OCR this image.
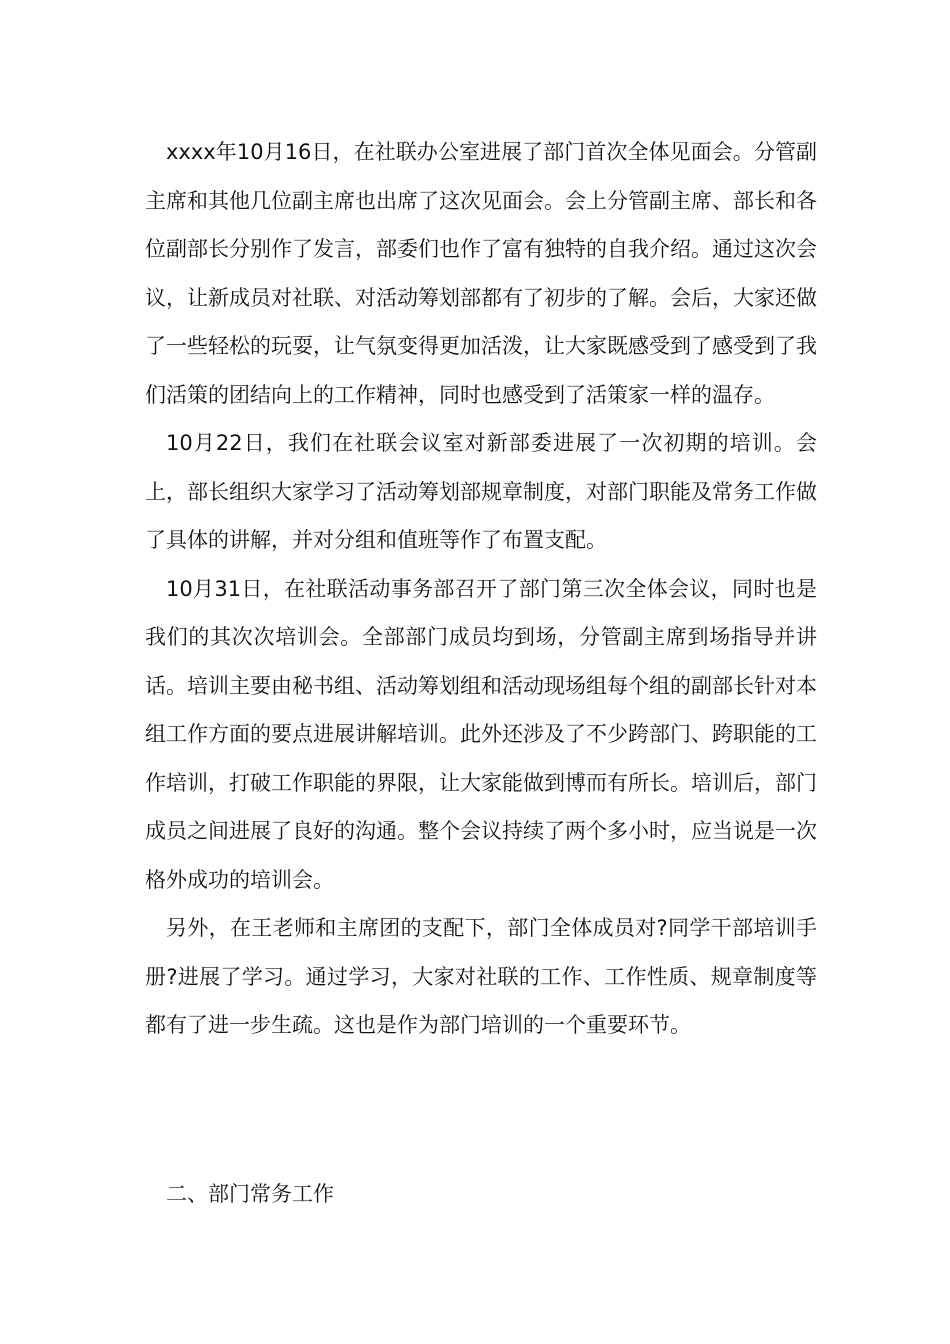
xxxx年10月16日，在社联办公室进展了部门首次全体见面会。分管副主席和其他几位副主席也出席了这次见面会。会上分管副主席、部长和各位副部长分别作了发言，部委们也作了富有独特的自我介绍。通过这次会议，让新成员对社联、对活动筹划部都有了初步的了解。会后，大家还做了一些轻松的玩耍，让气氛变得更加活泼，让大家既感受到了感受到了我们活策的团结向上的工作精神，同时也感受到了活策家一样的温存。

10月22日，我们在社联会议室对新部委进展了一次初期的培训。会上，部长组织大家学习了活动筹划部规章制度，对部门职能及常务工作做了具体的讲解，并对分组和值班等作了布置支配。

10月31日，在社联活动事务部召开了部门第三次全体会议，同时也是我们的其次次培训会。全部部门成员均到场，分管副主席到场指导并讲话。培训主要由秘书组、活动筹划组和活动现场组每个组的副部长针对本组工作方面的要点进展讲解培训。此外还涉及了不少跨部门、跨职能的工作培训，打破工作职能的界限，让大家能做到博而有所长。培训后，部门成员之间进展了良好的沟通。整个会议持续了两个多小时，应当说是一次格外成功的培训会。

另外，在王老师和主席团的支配下，部门全体成员对?同学干部培训手册?进展了学习。通过学习，大家对社联的工作、工作性质、规章制度等都有了进一步生疏。这也是作为部门培训的一个重要环节。

二、部门常务工作
